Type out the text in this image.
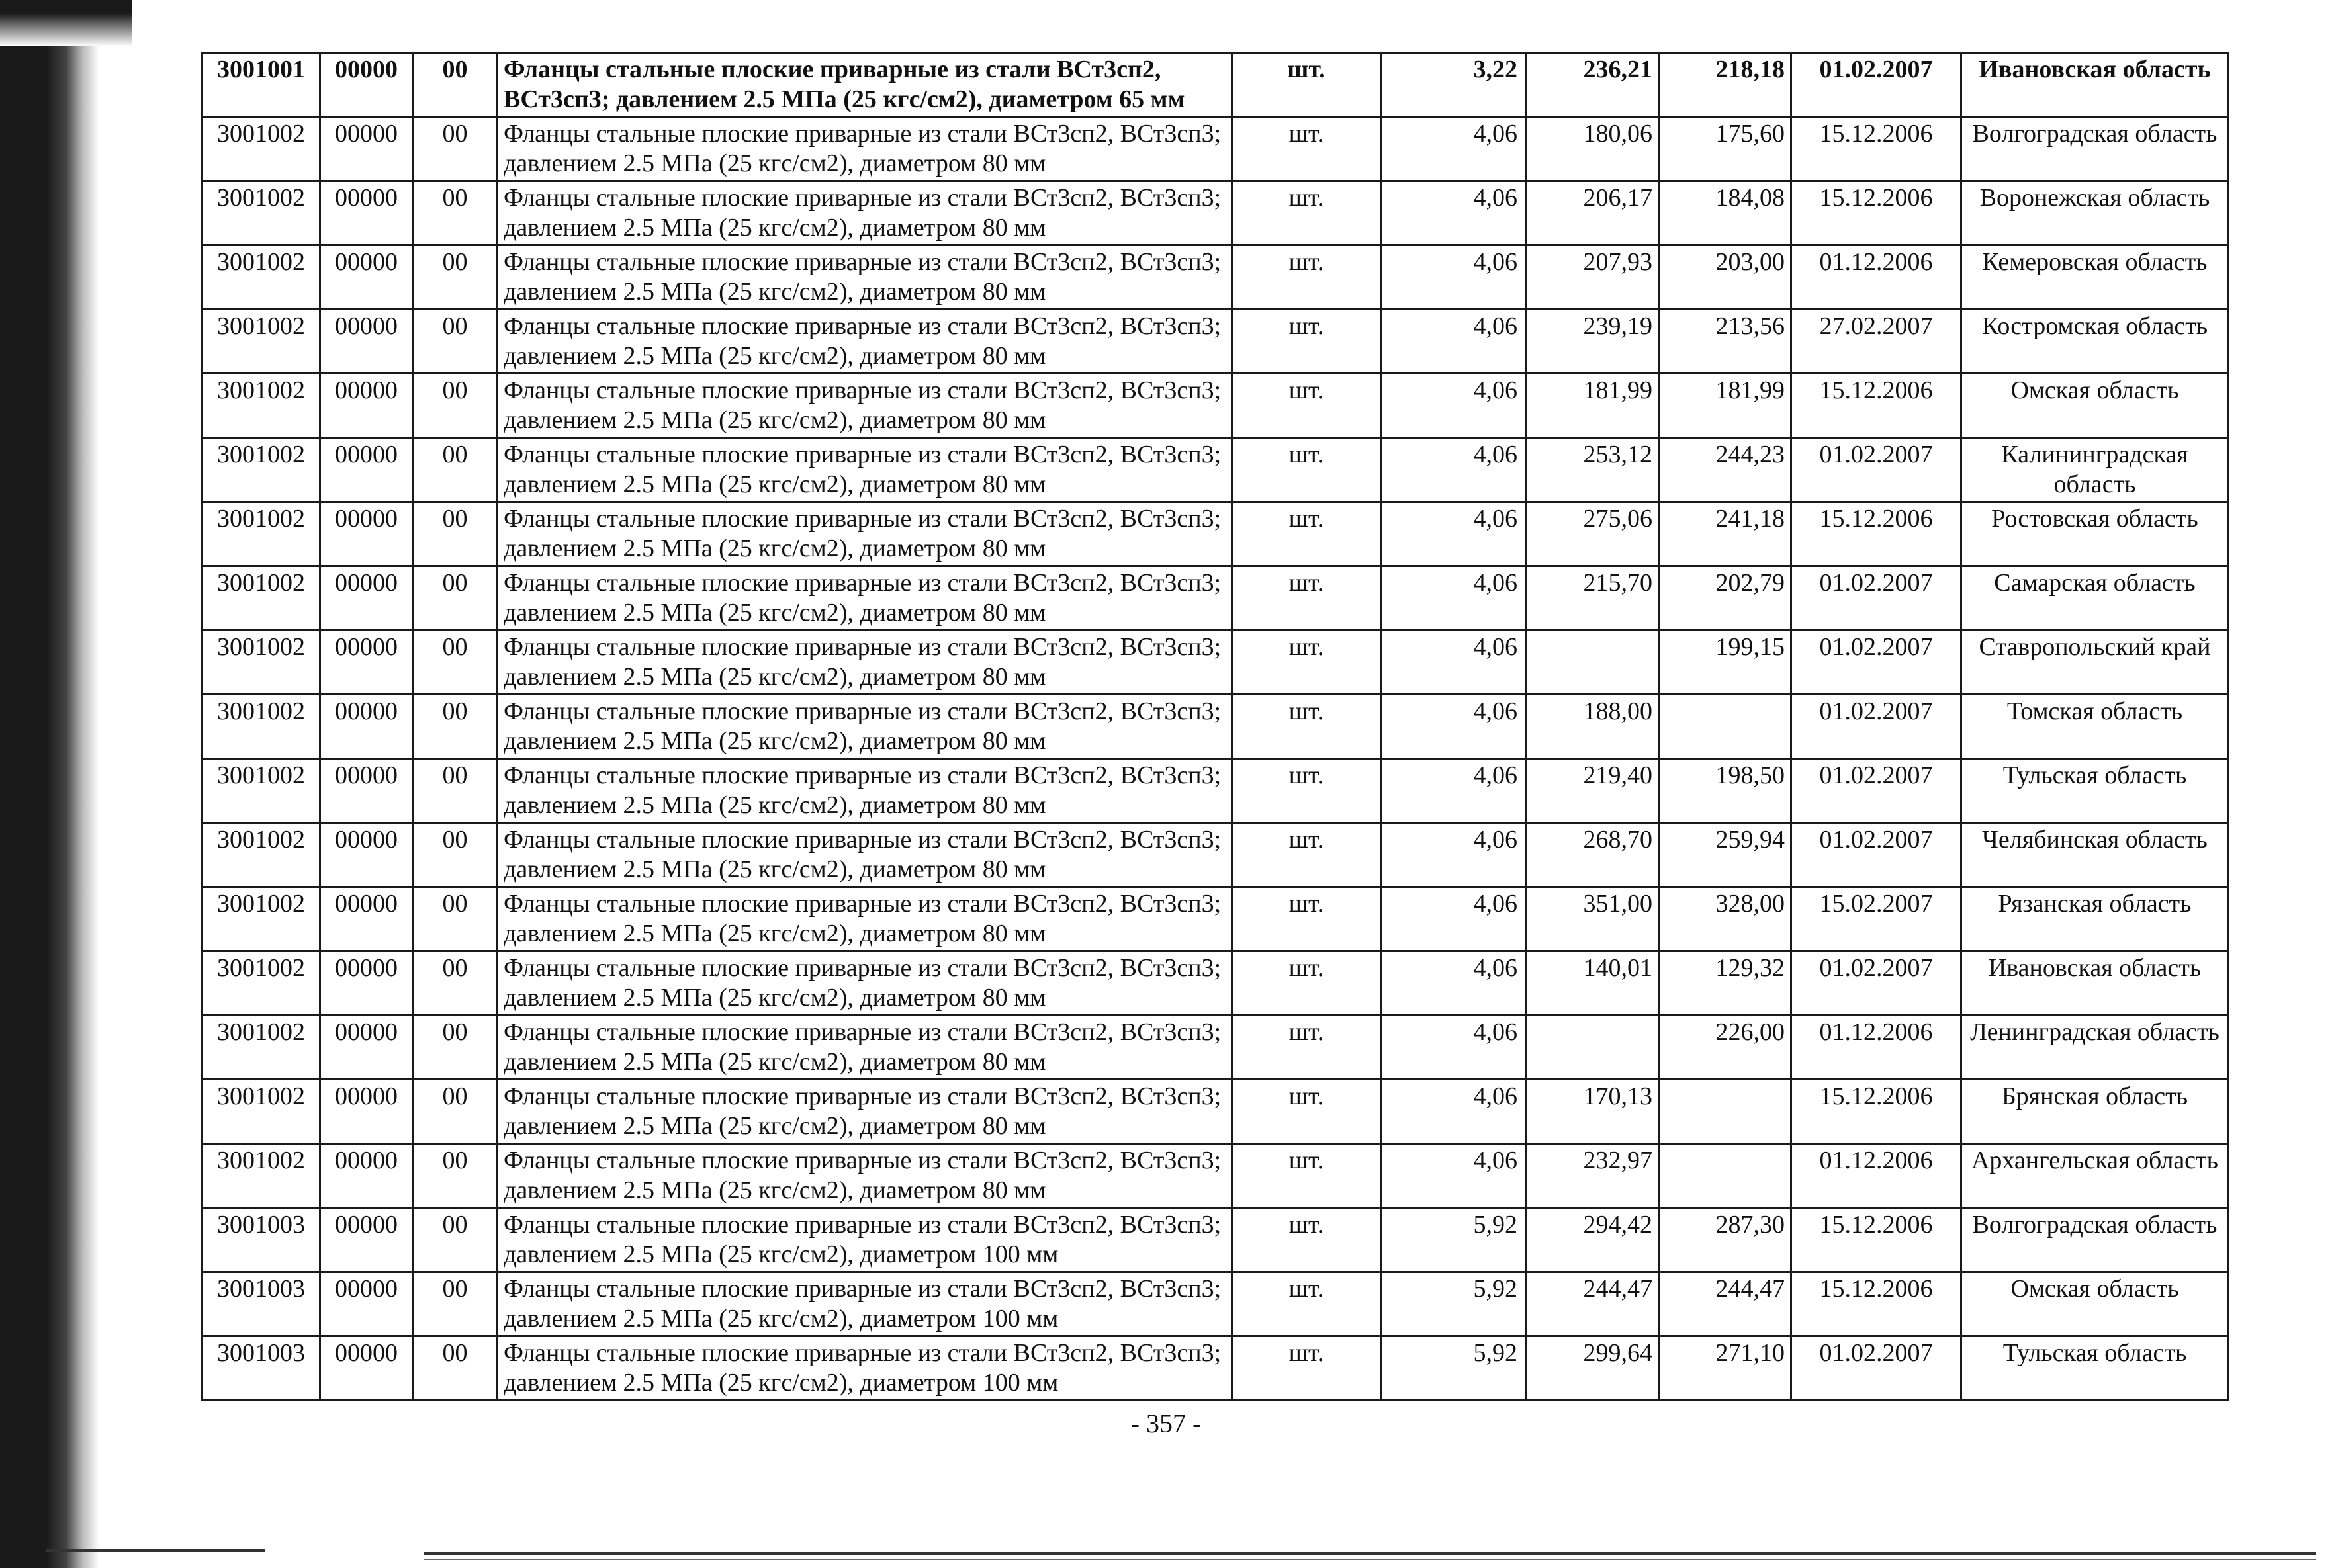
3001001	00000	00	Фланцы стальные плоские приварные из стали ВСт3сп2, ВСт3сп3; давлением 2.5 МПа (25 кгс/см2), диаметром 65 мм	шт.	3,22	236,21	218,18	01.02.2007	Ивановская область
3001002	00000	00	Фланцы стальные плоские приварные из стали ВСт3сп2, ВСт3сп3; давлением 2.5 МПа (25 кгс/см2), диаметром 80 мм	шт.	4,06	180,06	175,60	15.12.2006	Волгоградская область
3001002	00000	00	Фланцы стальные плоские приварные из стали ВСт3сп2, ВСт3сп3; давлением 2.5 МПа (25 кгс/см2), диаметром 80 мм	шт.	4,06	206,17	184,08	15.12.2006	Воронежская область
3001002	00000	00	Фланцы стальные плоские приварные из стали ВСт3сп2, ВСт3сп3; давлением 2.5 МПа (25 кгс/см2), диаметром 80 мм	шт.	4,06	207,93	203,00	01.12.2006	Кемеровская область
3001002	00000	00	Фланцы стальные плоские приварные из стали ВСт3сп2, ВСт3сп3; давлением 2.5 МПа (25 кгс/см2), диаметром 80 мм	шт.	4,06	239,19	213,56	27.02.2007	Костромская область
3001002	00000	00	Фланцы стальные плоские приварные из стали ВСт3сп2, ВСт3сп3; давлением 2.5 МПа (25 кгс/см2), диаметром 80 мм	шт.	4,06	181,99	181,99	15.12.2006	Омская область
3001002	00000	00	Фланцы стальные плоские приварные из стали ВСт3сп2, ВСт3сп3; давлением 2.5 МПа (25 кгс/см2), диаметром 80 мм	шт.	4,06	253,12	244,23	01.02.2007	Калининградская область
3001002	00000	00	Фланцы стальные плоские приварные из стали ВСт3сп2, ВСт3сп3; давлением 2.5 МПа (25 кгс/см2), диаметром 80 мм	шт.	4,06	275,06	241,18	15.12.2006	Ростовская область
3001002	00000	00	Фланцы стальные плоские приварные из стали ВСт3сп2, ВСт3сп3; давлением 2.5 МПа (25 кгс/см2), диаметром 80 мм	шт.	4,06	215,70	202,79	01.02.2007	Самарская область
3001002	00000	00	Фланцы стальные плоские приварные из стали ВСт3сп2, ВСт3сп3; давлением 2.5 МПа (25 кгс/см2), диаметром 80 мм	шт.	4,06		199,15	01.02.2007	Ставропольский край
3001002	00000	00	Фланцы стальные плоские приварные из стали ВСт3сп2, ВСт3сп3; давлением 2.5 МПа (25 кгс/см2), диаметром 80 мм	шт.	4,06	188,00		01.02.2007	Томская область
3001002	00000	00	Фланцы стальные плоские приварные из стали ВСт3сп2, ВСт3сп3; давлением 2.5 МПа (25 кгс/см2), диаметром 80 мм	шт.	4,06	219,40	198,50	01.02.2007	Тульская область
3001002	00000	00	Фланцы стальные плоские приварные из стали ВСт3сп2, ВСт3сп3; давлением 2.5 МПа (25 кгс/см2), диаметром 80 мм	шт.	4,06	268,70	259,94	01.02.2007	Челябинская область
3001002	00000	00	Фланцы стальные плоские приварные из стали ВСт3сп2, ВСт3сп3; давлением 2.5 МПа (25 кгс/см2), диаметром 80 мм	шт.	4,06	351,00	328,00	15.02.2007	Рязанская область
3001002	00000	00	Фланцы стальные плоские приварные из стали ВСт3сп2, ВСт3сп3; давлением 2.5 МПа (25 кгс/см2), диаметром 80 мм	шт.	4,06	140,01	129,32	01.02.2007	Ивановская область
3001002	00000	00	Фланцы стальные плоские приварные из стали ВСт3сп2, ВСт3сп3; давлением 2.5 МПа (25 кгс/см2), диаметром 80 мм	шт.	4,06		226,00	01.12.2006	Ленинградская область
3001002	00000	00	Фланцы стальные плоские приварные из стали ВСт3сп2, ВСт3сп3; давлением 2.5 МПа (25 кгс/см2), диаметром 80 мм	шт.	4,06	170,13		15.12.2006	Брянская область
3001002	00000	00	Фланцы стальные плоские приварные из стали ВСт3сп2, ВСт3сп3; давлением 2.5 МПа (25 кгс/см2), диаметром 80 мм	шт.	4,06	232,97		01.12.2006	Архангельская область
3001003	00000	00	Фланцы стальные плоские приварные из стали ВСт3сп2, ВСт3сп3; давлением 2.5 МПа (25 кгс/см2), диаметром 100 мм	шт.	5,92	294,42	287,30	15.12.2006	Волгоградская область
3001003	00000	00	Фланцы стальные плоские приварные из стали ВСт3сп2, ВСт3сп3; давлением 2.5 МПа (25 кгс/см2), диаметром 100 мм	шт.	5,92	244,47	244,47	15.12.2006	Омская область
3001003	00000	00	Фланцы стальные плоские приварные из стали ВСт3сп2, ВСт3сп3; давлением 2.5 МПа (25 кгс/см2), диаметром 100 мм	шт.	5,92	299,64	271,10	01.02.2007	Тульская область
- 357 -
